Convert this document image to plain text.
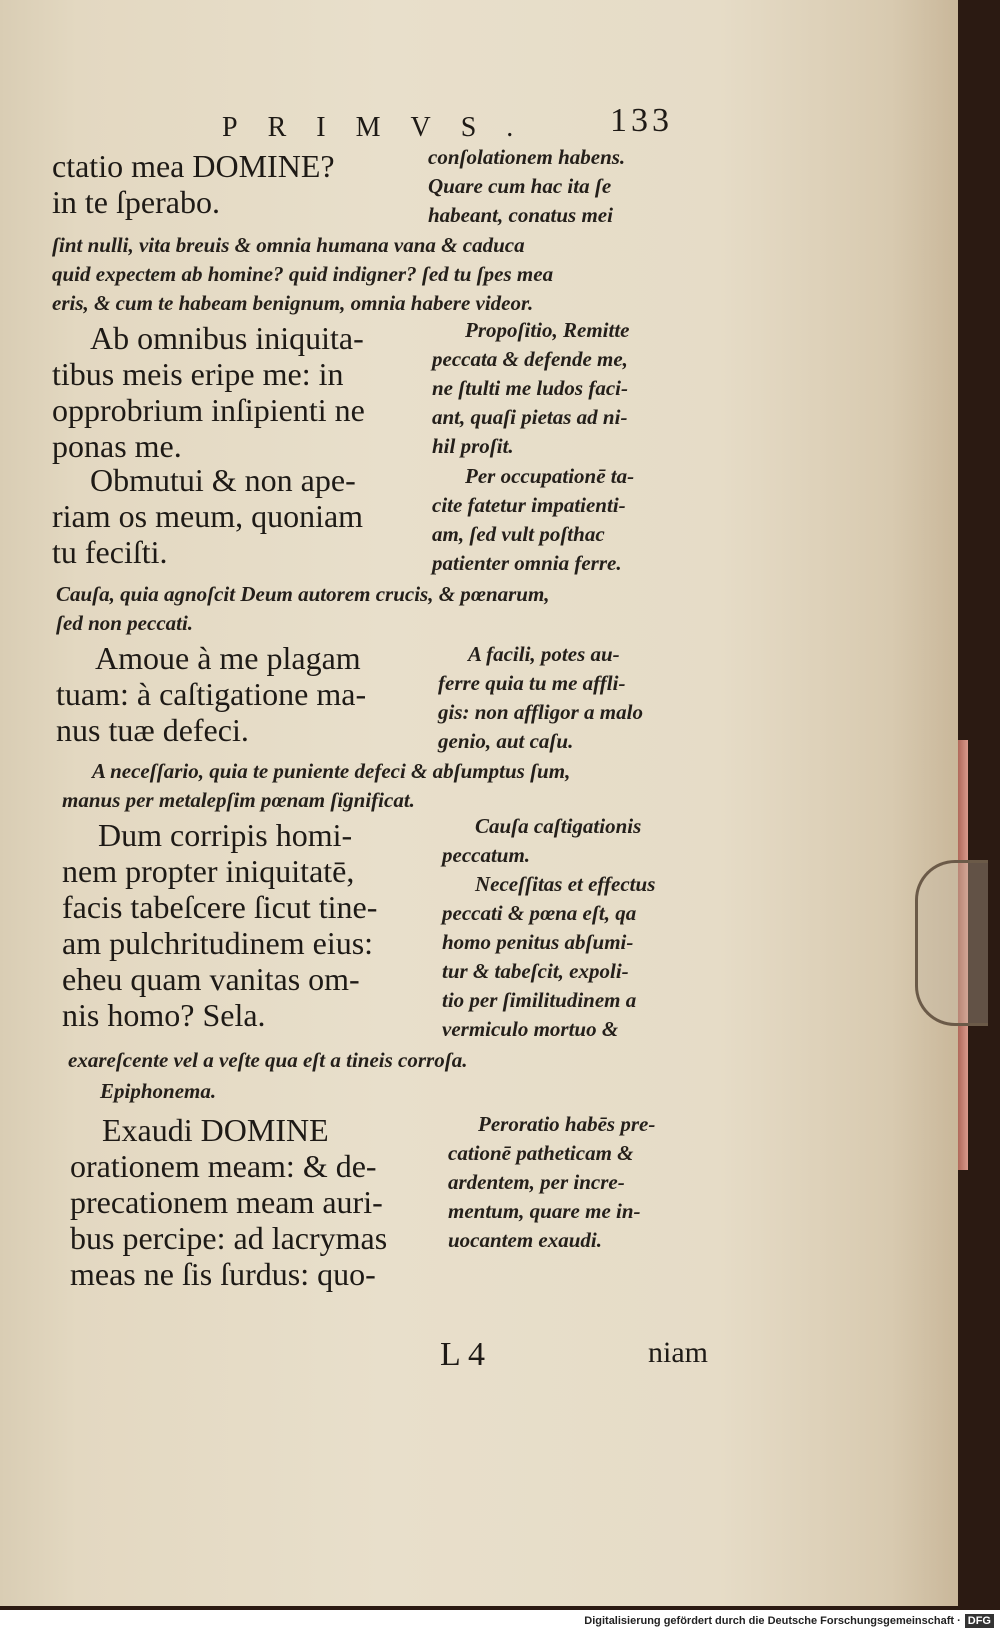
PRIMVS. 133
ctatio mea DOMINE?
in te ſperabo.
conſolationem habens.
Quare cum hac ita ſe
habeant, conatus mei
ſint nulli, vita breuis & omnia humana vana & caduca
quid expectem ab homine? quid indigner? ſed tu ſpes mea
eris, & cum te habeam benignum, omnia habere videor.
Ab omnibus iniquita-
tibus meis eripe me: in
opprobrium inſipienti ne
ponas me.
Propoſitio, Remitte
peccata & defende me,
ne ſtulti me ludos faci-
ant, quaſi pietas ad ni-
hil proſit.
Obmutui & non ape-
riam os meum, quoniam
tu feciſti.
Per occupationē ta-
cite fatetur impatienti-
am, ſed vult poſthac
patienter omnia ferre.
Cauſa, quia agnoſcit Deum autorem crucis, & pœnarum,
ſed non peccati.
Amoue à me plagam
tuam: à caſtigatione ma-
nus tuæ defeci.
A facili, potes au-
ferre quia tu me affli-
gis: non affligor a malo
genio, aut caſu.
A neceſſario, quia te puniente defeci & abſumptus ſum,
manus per metalepſim pœnam ſignificat.
Dum corripis homi-
nem propter iniquitatē,
facis tabeſcere ſicut tine-
am pulchritudinem eius:
eheu quam vanitas om-
nis homo? Sela.
Cauſa caſtigationis
peccatum.
Neceſſitas et effectus
peccati & pœna eſt, qa
homo penitus abſumi-
tur & tabeſcit, expoli-
tio per ſimilitudinem a
vermiculo mortuo &
exareſcente vel a veſte qua eſt a tineis corroſa.
Epiphonema.
Exaudi DOMINE
orationem meam: & de-
precationem meam auri-
bus percipe: ad lacrymas
meas ne ſis ſurdus: quo-
Peroratio habēs pre-
cationē patheticam &
ardentem, per incre-
mentum, quare me in-
uocantem exaudi.
L 4	niam
Digitalisierung gefördert durch die Deutsche Forschungsgemeinschaft · DFG
